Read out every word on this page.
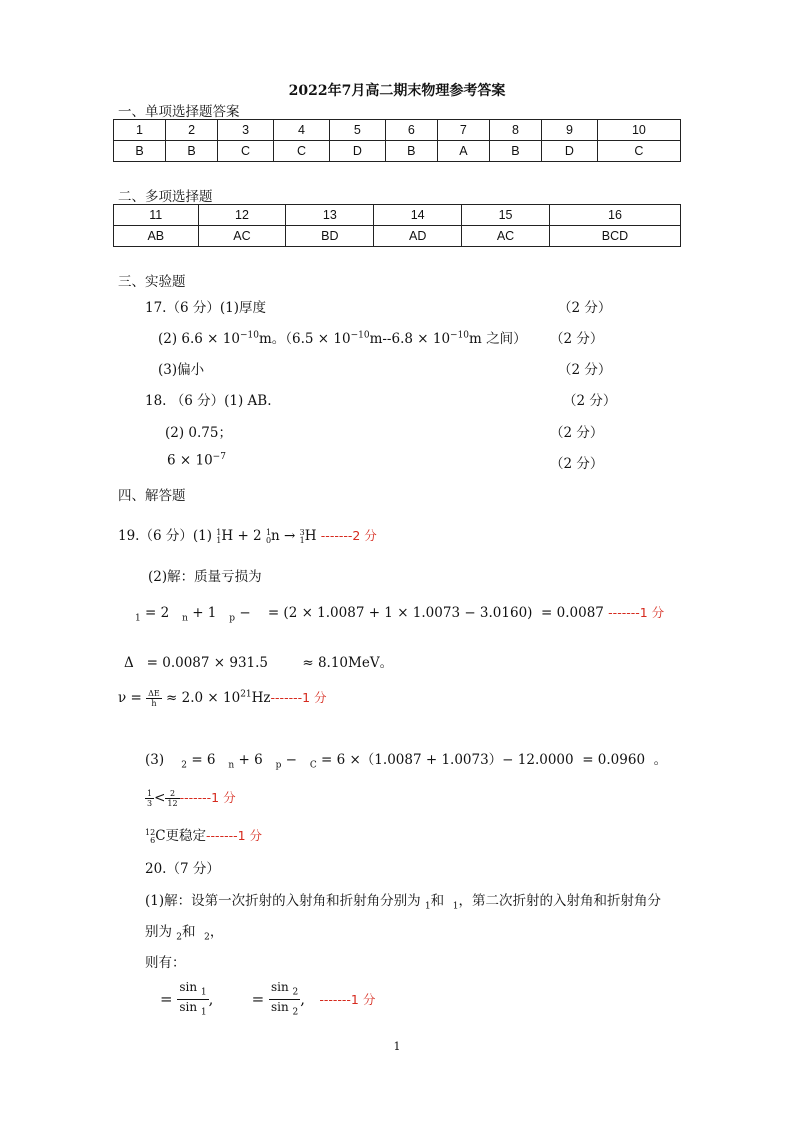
2022年7月高二期末物理参考答案
一、单项选择题答案
1	2	3	4	5	6	7	8	9	10
B	B	C	C	D	B	A	B	D	C
二、多项选择题
11	12	13	14	15	16
AB	AC	BD	AD	AC	BCD
三、实验题
17.（6 分）(1)厚度	（2 分）
(2) $6.6 \times 10^{-10}m$。（$6.5 \times 10^{-10}m--6.8 \times 10^{-10}m$ 之间） （2 分）
(3)偏小	（2 分）
18. （6 分）(1) AB.	（2 分）
(2) 0.75；	（2 分）
$6 \times 10^{-7}$	（2 分）
四、解答题
19.（6 分）(1) 1
1 H + 2 1
0 n → 3
1 H -------2 分
(2)解：质量亏损为
$_1$ = 2 $_n$ + 1 $_p$ − = (2 × 1.0087 + 1 × 1.0073 − 3.0160) = 0.0087 -------1 分
Δ = 0.0087 × 931.5	≈ 8.10MeV。
$\nu = \frac{\Delta E}{h} \approx 2.0 \times 10^{21}Hz-------1$ 分
(3) $_2$ = 6 $_n$ + 6 $_p$ − $_C$ = 6 ×（1.0087 + 1.0073）− 12.0000 = 0.0960 。
$\frac{1}{3} < \frac{2}{12} -------1$ 分
12
6 C更稳定-------1 分
20.（7 分）
(1)解：设第一次折射的入射角和折射角分别为 $_1$和 $_1$，第二次折射的入射角和折射角分
别为 $_2$和 $_2$，
则有：
= $\frac{\sin _1}{\sin _1}$ ,	= $\frac{\sin _2}{\sin _2}$ , -------1 分
1
